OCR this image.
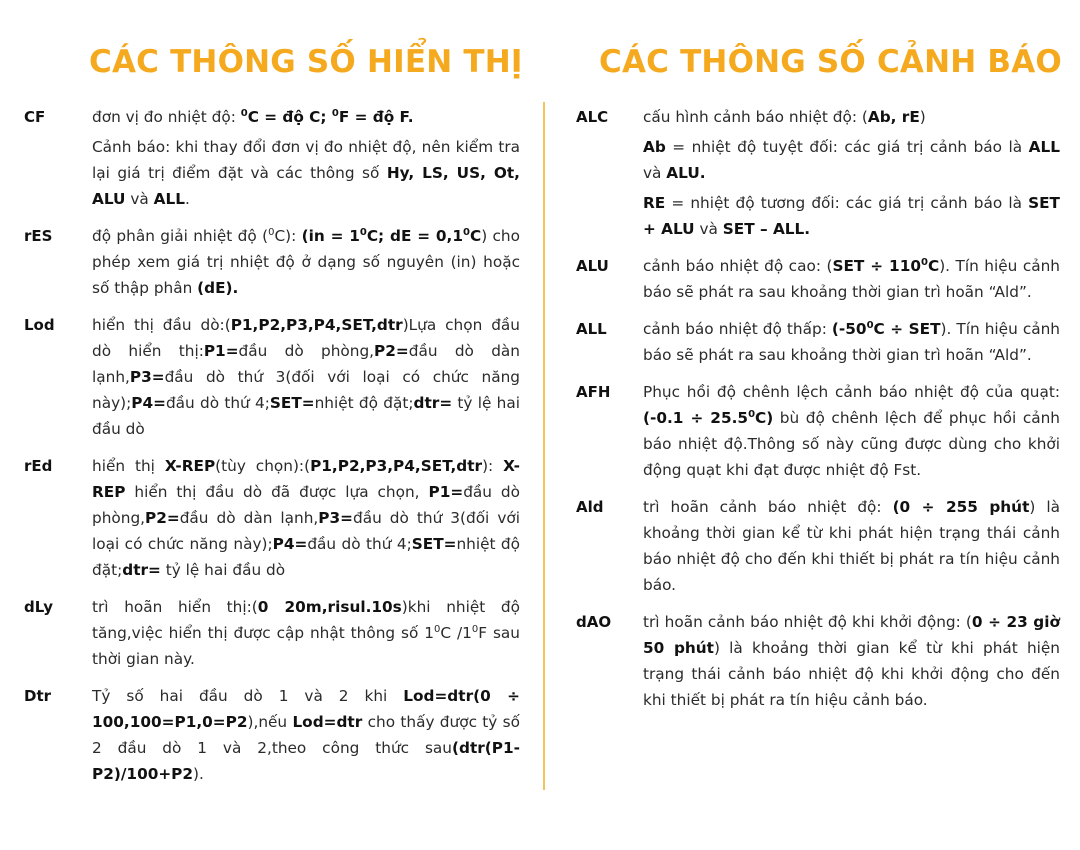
CÁC THÔNG SỐ HIỂN THỊ
CF	đơn vị đo nhiệt độ: $^0$C = độ C; $^0$F = độ F.

Cảnh báo: khi thay đổi đơn vị đo nhiệt độ, nên kiểm tra lại giá trị điểm đặt và các thông số Hy, LS, US, Ot, ALU và ALL.

rES	độ phân giải nhiệt độ ($^0$C): ($in = 1^0C$; dE = $0,1^0C$) cho phép xem giá trị nhiệt độ ở dạng số nguyên (in) hoặc số thập phân (dE).

Lod	hiển thị đầu dò:(P1,P2,P3,P4,SET,dtr)Lựa chọn đầu dò hiển thị:P1=đầu dò phòng,P2=đầu dò dàn lạnh,P3=đầu dò thứ 3(đối với loại có chức năng này);P4=đầu dò thứ 4;SET=nhiệt độ đặt;dtr= tỷ lệ hai đầu dò

rEd	hiển thị X-REP(tùy chọn):(P1,P2,P3,P4,SET,dtr): X-REP hiển thị đầu dò đã được lựa chọn, P1=đầu dò phòng,P2=đầu dò dàn lạnh,P3=đầu dò thứ 3(đối với loại có chức năng này);P4=đầu dò thứ 4;SET=nhiệt độ đặt;dtr= tỷ lệ hai đầu dò

dLy	trì hoãn hiển thị:(0 20m,risul.10s)khi nhiệt độ tăng,việc hiển thị được cập nhật thông số $1^0C$ $/1^0F$ sau thời gian này.

Dtr	Tỷ số hai đầu dò 1 và 2 khi Lod=dtr(0 ÷ 100,100=P1,0=P2),nếu Lod=dtr cho thấy được tỷ số 2 đầu dò 1 và 2,theo công thức sau(dtr(P1-P2)/100+P2).

CÁC THÔNG SỐ CẢNH BÁO
ALC	cấu hình cảnh báo nhiệt độ: (Ab, rE)

Ab = nhiệt độ tuyệt đối: các giá trị cảnh báo là ALL và ALU.

RE = nhiệt độ tương đối: các giá trị cảnh báo là SET + ALU và SET – ALL.

ALU	cảnh báo nhiệt độ cao: $(SET \div 110^0C)$. Tín hiệu cảnh báo sẽ phát ra sau khoảng thời gian trì hoãn “Ald”.

ALL	cảnh báo nhiệt độ thấp: $(-50^0C \div SET)$. Tín hiệu cảnh báo sẽ phát ra sau khoảng thời gian trì hoãn “Ald”.

AFH	Phục hồi độ chênh lệch cảnh báo nhiệt độ của quạt: $(-0.1 \div 25.5^0C)$ bù độ chênh lệch để phục hồi cảnh báo nhiệt độ.Thông số này cũng được dùng cho khởi động quạt khi đạt được nhiệt độ Fst.

Ald	trì hoãn cảnh báo nhiệt độ: (0 ÷ 255 phút) là khoảng thời gian kể từ khi phát hiện trạng thái cảnh báo nhiệt độ cho đến khi thiết bị phát ra tín hiệu cảnh báo.

dAO	trì hoãn cảnh báo nhiệt độ khi khởi động: (0 ÷ 23 giờ 50 phút) là khoảng thời gian kể từ khi phát hiện trạng thái cảnh báo nhiệt độ khi khởi động cho đến khi thiết bị phát ra tín hiệu cảnh báo.
